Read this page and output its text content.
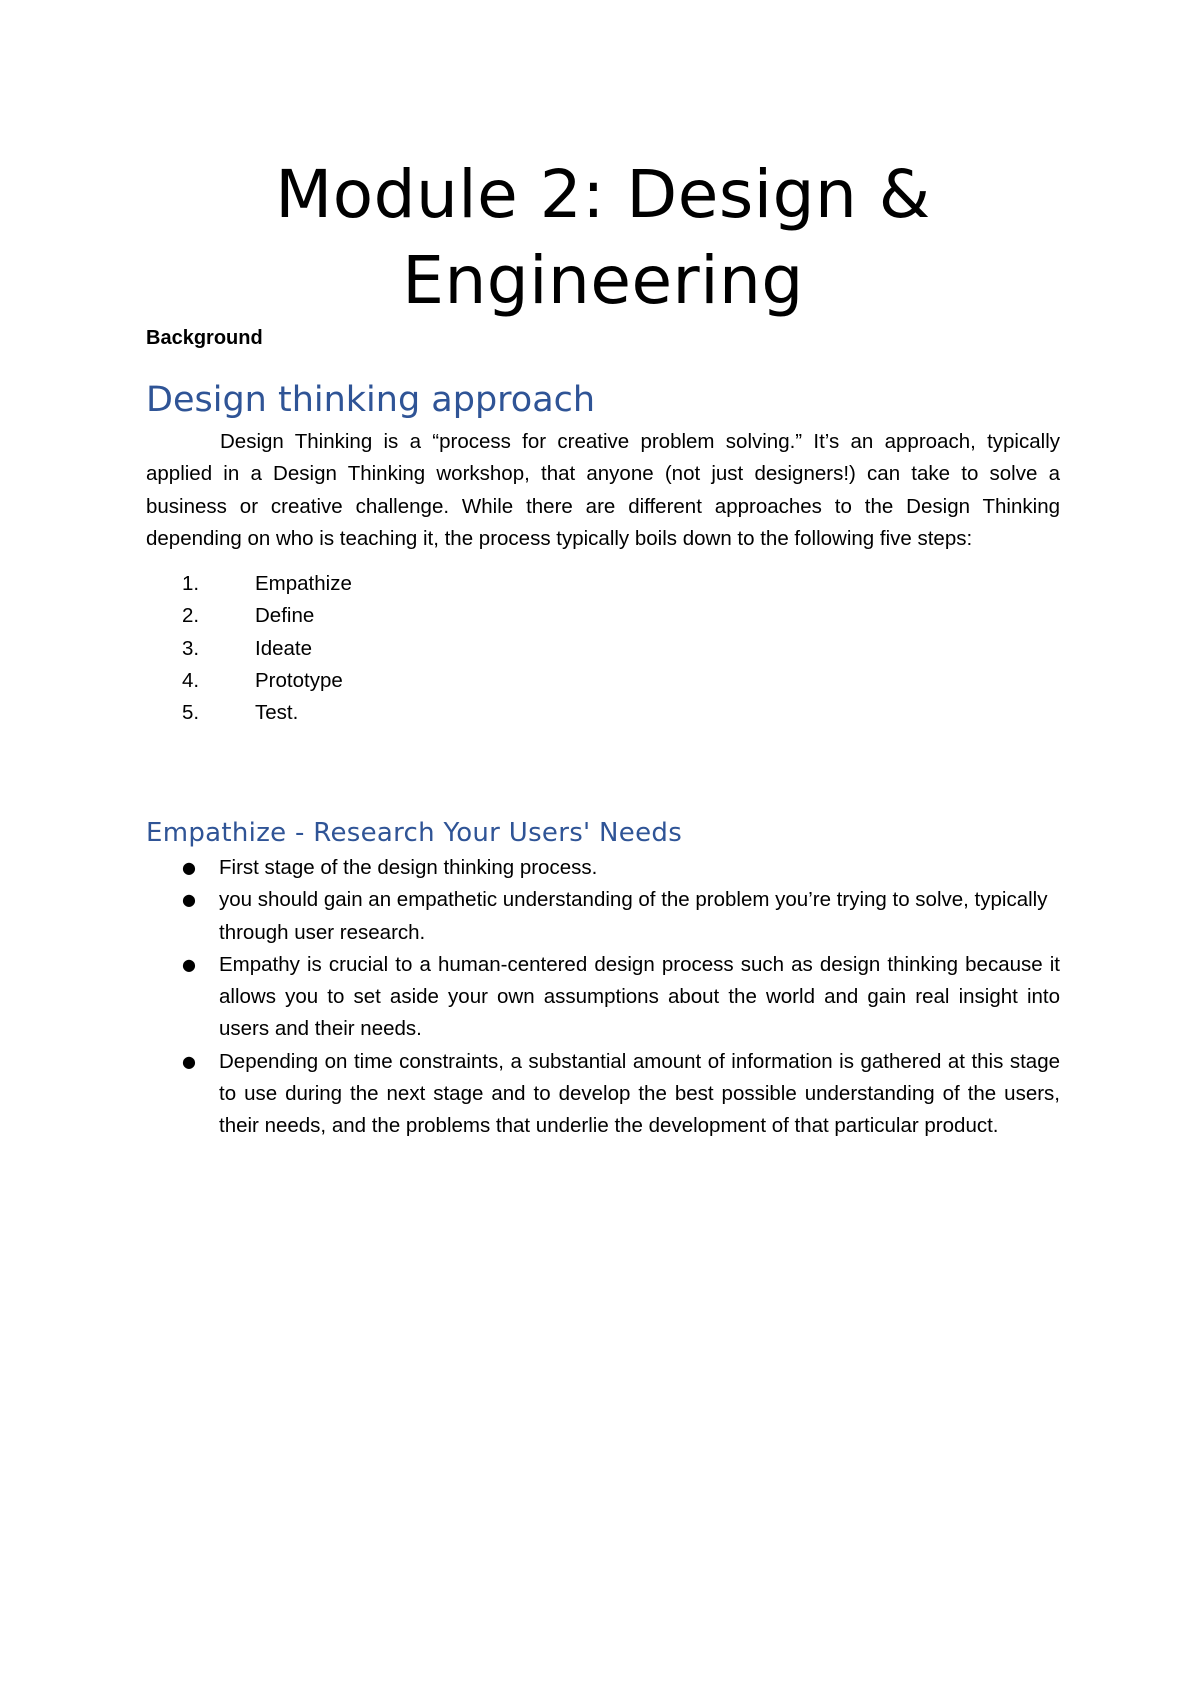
Module 2: Design & Engineering

Background

Design thinking approach

Design Thinking is a “process for creative problem solving.” It’s an approach, typically applied in a Design Thinking workshop, that anyone (not just designers!) can take to solve a business or creative challenge. While there are different approaches to the Design Thinking depending on who is teaching it, the process typically boils down to the following five steps:

1.	Empathize
2.	Define
3.	Ideate
4.	Prototype
5.	Test.
Empathize - Research Your Users' Needs
● First stage of the design thinking process.
● you should gain an empathetic understanding of the problem you’re trying to solve, typically
through user research.
● Empathy is crucial to a human-centered design process such as design thinking because it allows you to set aside your own assumptions about the world and gain real insight into users and their needs.
● Depending on time constraints, a substantial amount of information is gathered at this stage to use during the next stage and to develop the best possible understanding of the users, their needs, and the problems that underlie the development of that particular product.
